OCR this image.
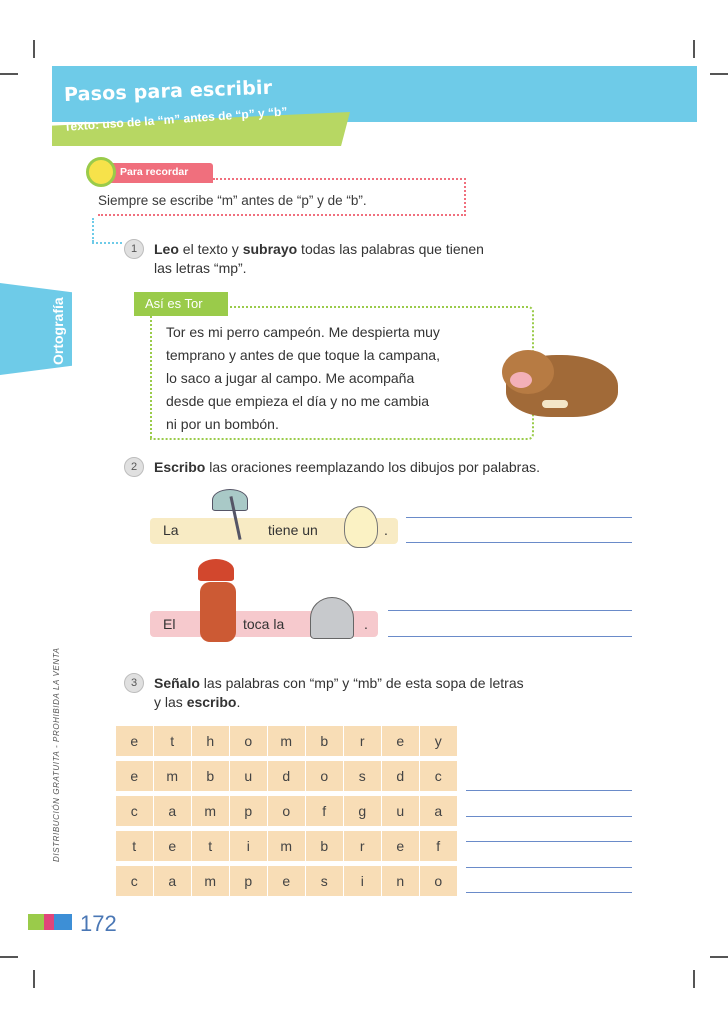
Pasos para escribir
Texto: uso de la “m” antes de “p” y “b”
Ortografía
DISTRIBUCIÓN GRATUITA - PROHIBIDA LA VENTA
Para recordar
Siempre se escribe “m” antes de “p” y de “b”.
1	Leo el texto y subrayo todas las palabras que tienen
las letras “mp”.
Así es Tor
Tor es mi perro campeón. Me despierta muy
temprano y antes de que toque la campana,
lo saco a jugar al campo. Me acompaña
desde que empieza el día y no me cambia
ni por un bombón.
2	Escribo las oraciones reemplazando los dibujos por palabras.
La	tiene un	.
El	toca la	.
3	Señalo las palabras con “mp” y “mb” de esta sopa de letras
y las escribo.
e	t	h	o	m	b	r	e	y
e	m	b	u	d	o	s	d	c
c	a	m	p	o	f	g	u	a
t	e	t	i	m	b	r	e	f
c	a	m	p	e	s	i	n	o
172
